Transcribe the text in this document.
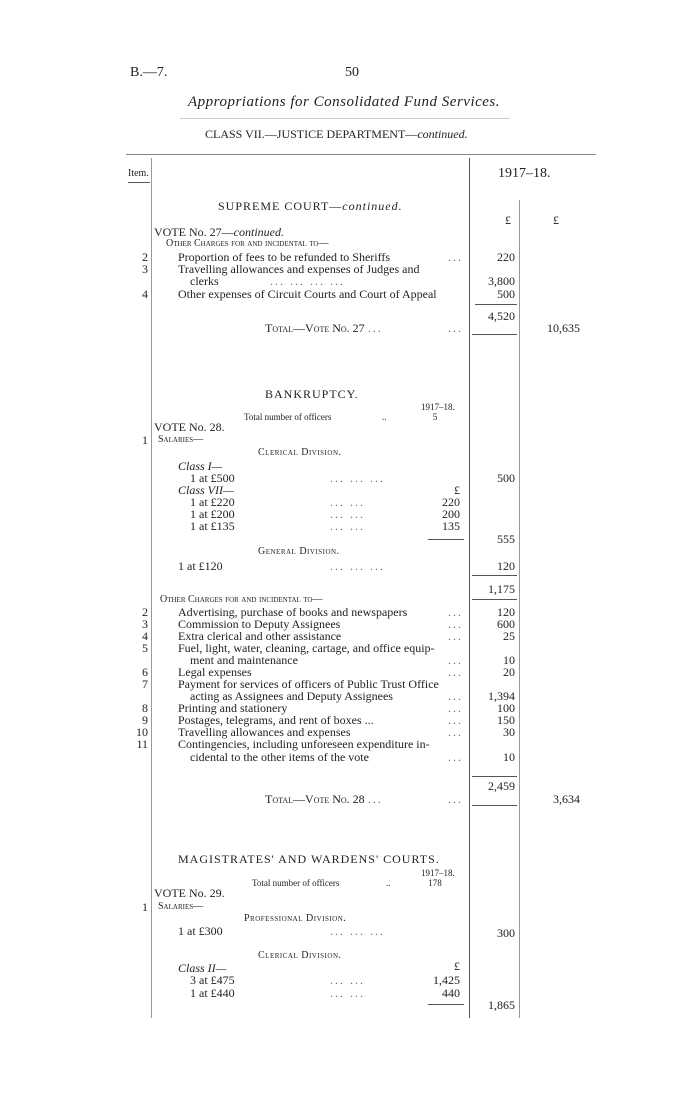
B.—7.	50
Appropriations for Consolidated Fund Services.
CLASS VII.—JUSTICE DEPARTMENT—continued.
Item.	1917–18.
£	£
SUPREME COURT—continued.
VOTE No. 27—continued.
Other Charges for and incidental to—
2	Proportion of fees to be refunded to Sheriffs	...	220
3	Travelling allowances and expenses of Judges and
clerks	... ... ... ...	3,800
4	Other expenses of Circuit Courts and Court of Appeal	500
4,520
Total—Vote No. 27 ...	...	10,635
BANKRUPTCY.
1917–18.
Total number of officers	..	5
VOTE No. 28.
1 Salaries—
Clerical Division.
Class I—
1 at £500	... ... ...	500
Class VII—	£
1 at £220	... ...	220
1 at £200	... ...	200
1 at £135	... ...	135
555
General Division.
1 at £120	... ... ...	120
1,175
Other Charges for and incidental to—
2	Advertising, purchase of books and newspapers	...	120
3	Commission to Deputy Assignees	...	600
4	Extra clerical and other assistance	...	25
5	Fuel, light, water, cleaning, cartage, and office equip-
ment and maintenance	...	10
6	Legal expenses	...	20
7	Payment for services of officers of Public Trust Office
acting as Assignees and Deputy Assignees	...	1,394
8	Printing and stationery	...	100
9	Postages, telegrams, and rent of boxes ...	...	150
10	Travelling allowances and expenses	...	30
11	Contingencies, including unforeseen expenditure in-
cidental to the other items of the vote	...	10
2,459
Total—Vote No. 28 ...	...	3,634
MAGISTRATES' AND WARDENS' COURTS.
1917–18.
Total number of officers	..	178
VOTE No. 29.
1 Salaries—
Professional Division.
1 at £300	... ... ...	300
Clerical Division.
£
Class II—
3 at £475	... ...	1,425
1 at £440	... ...	440
1,865
